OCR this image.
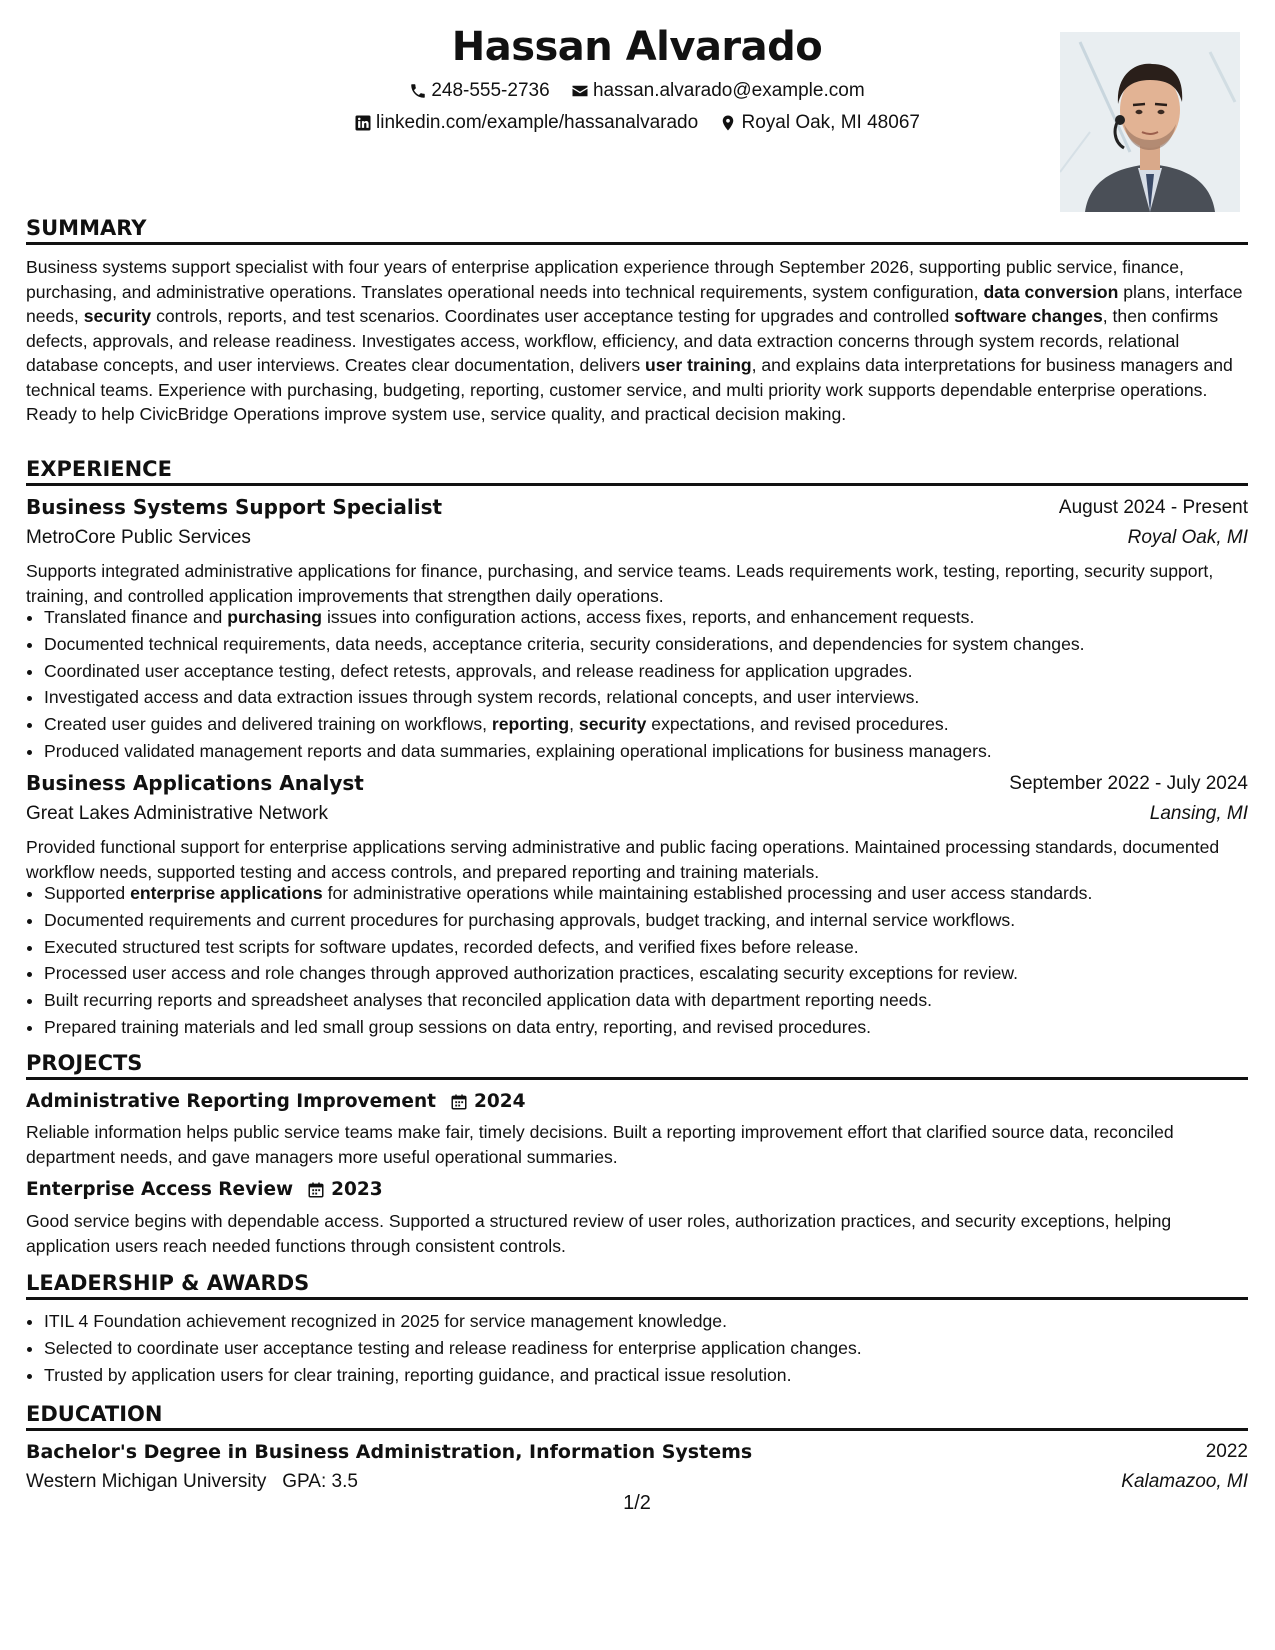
Hassan Alvarado
248-555-2736
hassan.alvarado@example.com
linkedin.com/example/hassanalvarado
Royal Oak, MI 48067
SUMMARY
Business systems support specialist with four years of enterprise application experience through September 2026, supporting public service, finance, purchasing, and administrative operations. Translates operational needs into technical requirements, system configuration, data conversion plans, interface needs, security controls, reports, and test scenarios. Coordinates user acceptance testing for upgrades and controlled software changes, then confirms defects, approvals, and release readiness. Investigates access, workflow, efficiency, and data extraction concerns through system records, relational database concepts, and user interviews. Creates clear documentation, delivers user training, and explains data interpretations for business managers and technical teams. Experience with purchasing, budgeting, reporting, customer service, and multi priority work supports dependable enterprise operations. Ready to help CivicBridge Operations improve system use, service quality, and practical decision making.
EXPERIENCE
Business Systems Support Specialist	August 2024 - Present
MetroCore Public Services	Royal Oak, MI
Supports integrated administrative applications for finance, purchasing, and service teams. Leads requirements work, testing, reporting, security support, training, and controlled application improvements that strengthen daily operations.
• Translated finance and purchasing issues into configuration actions, access fixes, reports, and enhancement requests.
• Documented technical requirements, data needs, acceptance criteria, security considerations, and dependencies for system changes.
• Coordinated user acceptance testing, defect retests, approvals, and release readiness for application upgrades.
• Investigated access and data extraction issues through system records, relational concepts, and user interviews.
• Created user guides and delivered training on workflows, reporting, security expectations, and revised procedures.
• Produced validated management reports and data summaries, explaining operational implications for business managers.
Business Applications Analyst	September 2022 - July 2024
Great Lakes Administrative Network	Lansing, MI
Provided functional support for enterprise applications serving administrative and public facing operations. Maintained processing standards, documented workflow needs, supported testing and access controls, and prepared reporting and training materials.
• Supported enterprise applications for administrative operations while maintaining established processing and user access standards.
• Documented requirements and current procedures for purchasing approvals, budget tracking, and internal service workflows.
• Executed structured test scripts for software updates, recorded defects, and verified fixes before release.
• Processed user access and role changes through approved authorization practices, escalating security exceptions for review.
• Built recurring reports and spreadsheet analyses that reconciled application data with department reporting needs.
• Prepared training materials and led small group sessions on data entry, reporting, and revised procedures.
PROJECTS
Administrative Reporting Improvement 2024
Reliable information helps public service teams make fair, timely decisions. Built a reporting improvement effort that clarified source data, reconciled department needs, and gave managers more useful operational summaries.
Enterprise Access Review 2023
Good service begins with dependable access. Supported a structured review of user roles, authorization practices, and security exceptions, helping application users reach needed functions through consistent controls.
LEADERSHIP & AWARDS
• ITIL 4 Foundation achievement recognized in 2025 for service management knowledge.
• Selected to coordinate user acceptance testing and release readiness for enterprise application changes.
• Trusted by application users for clear training, reporting guidance, and practical issue resolution.
EDUCATION
Bachelor's Degree in Business Administration, Information Systems	2022
Western Michigan University GPA: 3.5	Kalamazoo, MI
1/2
